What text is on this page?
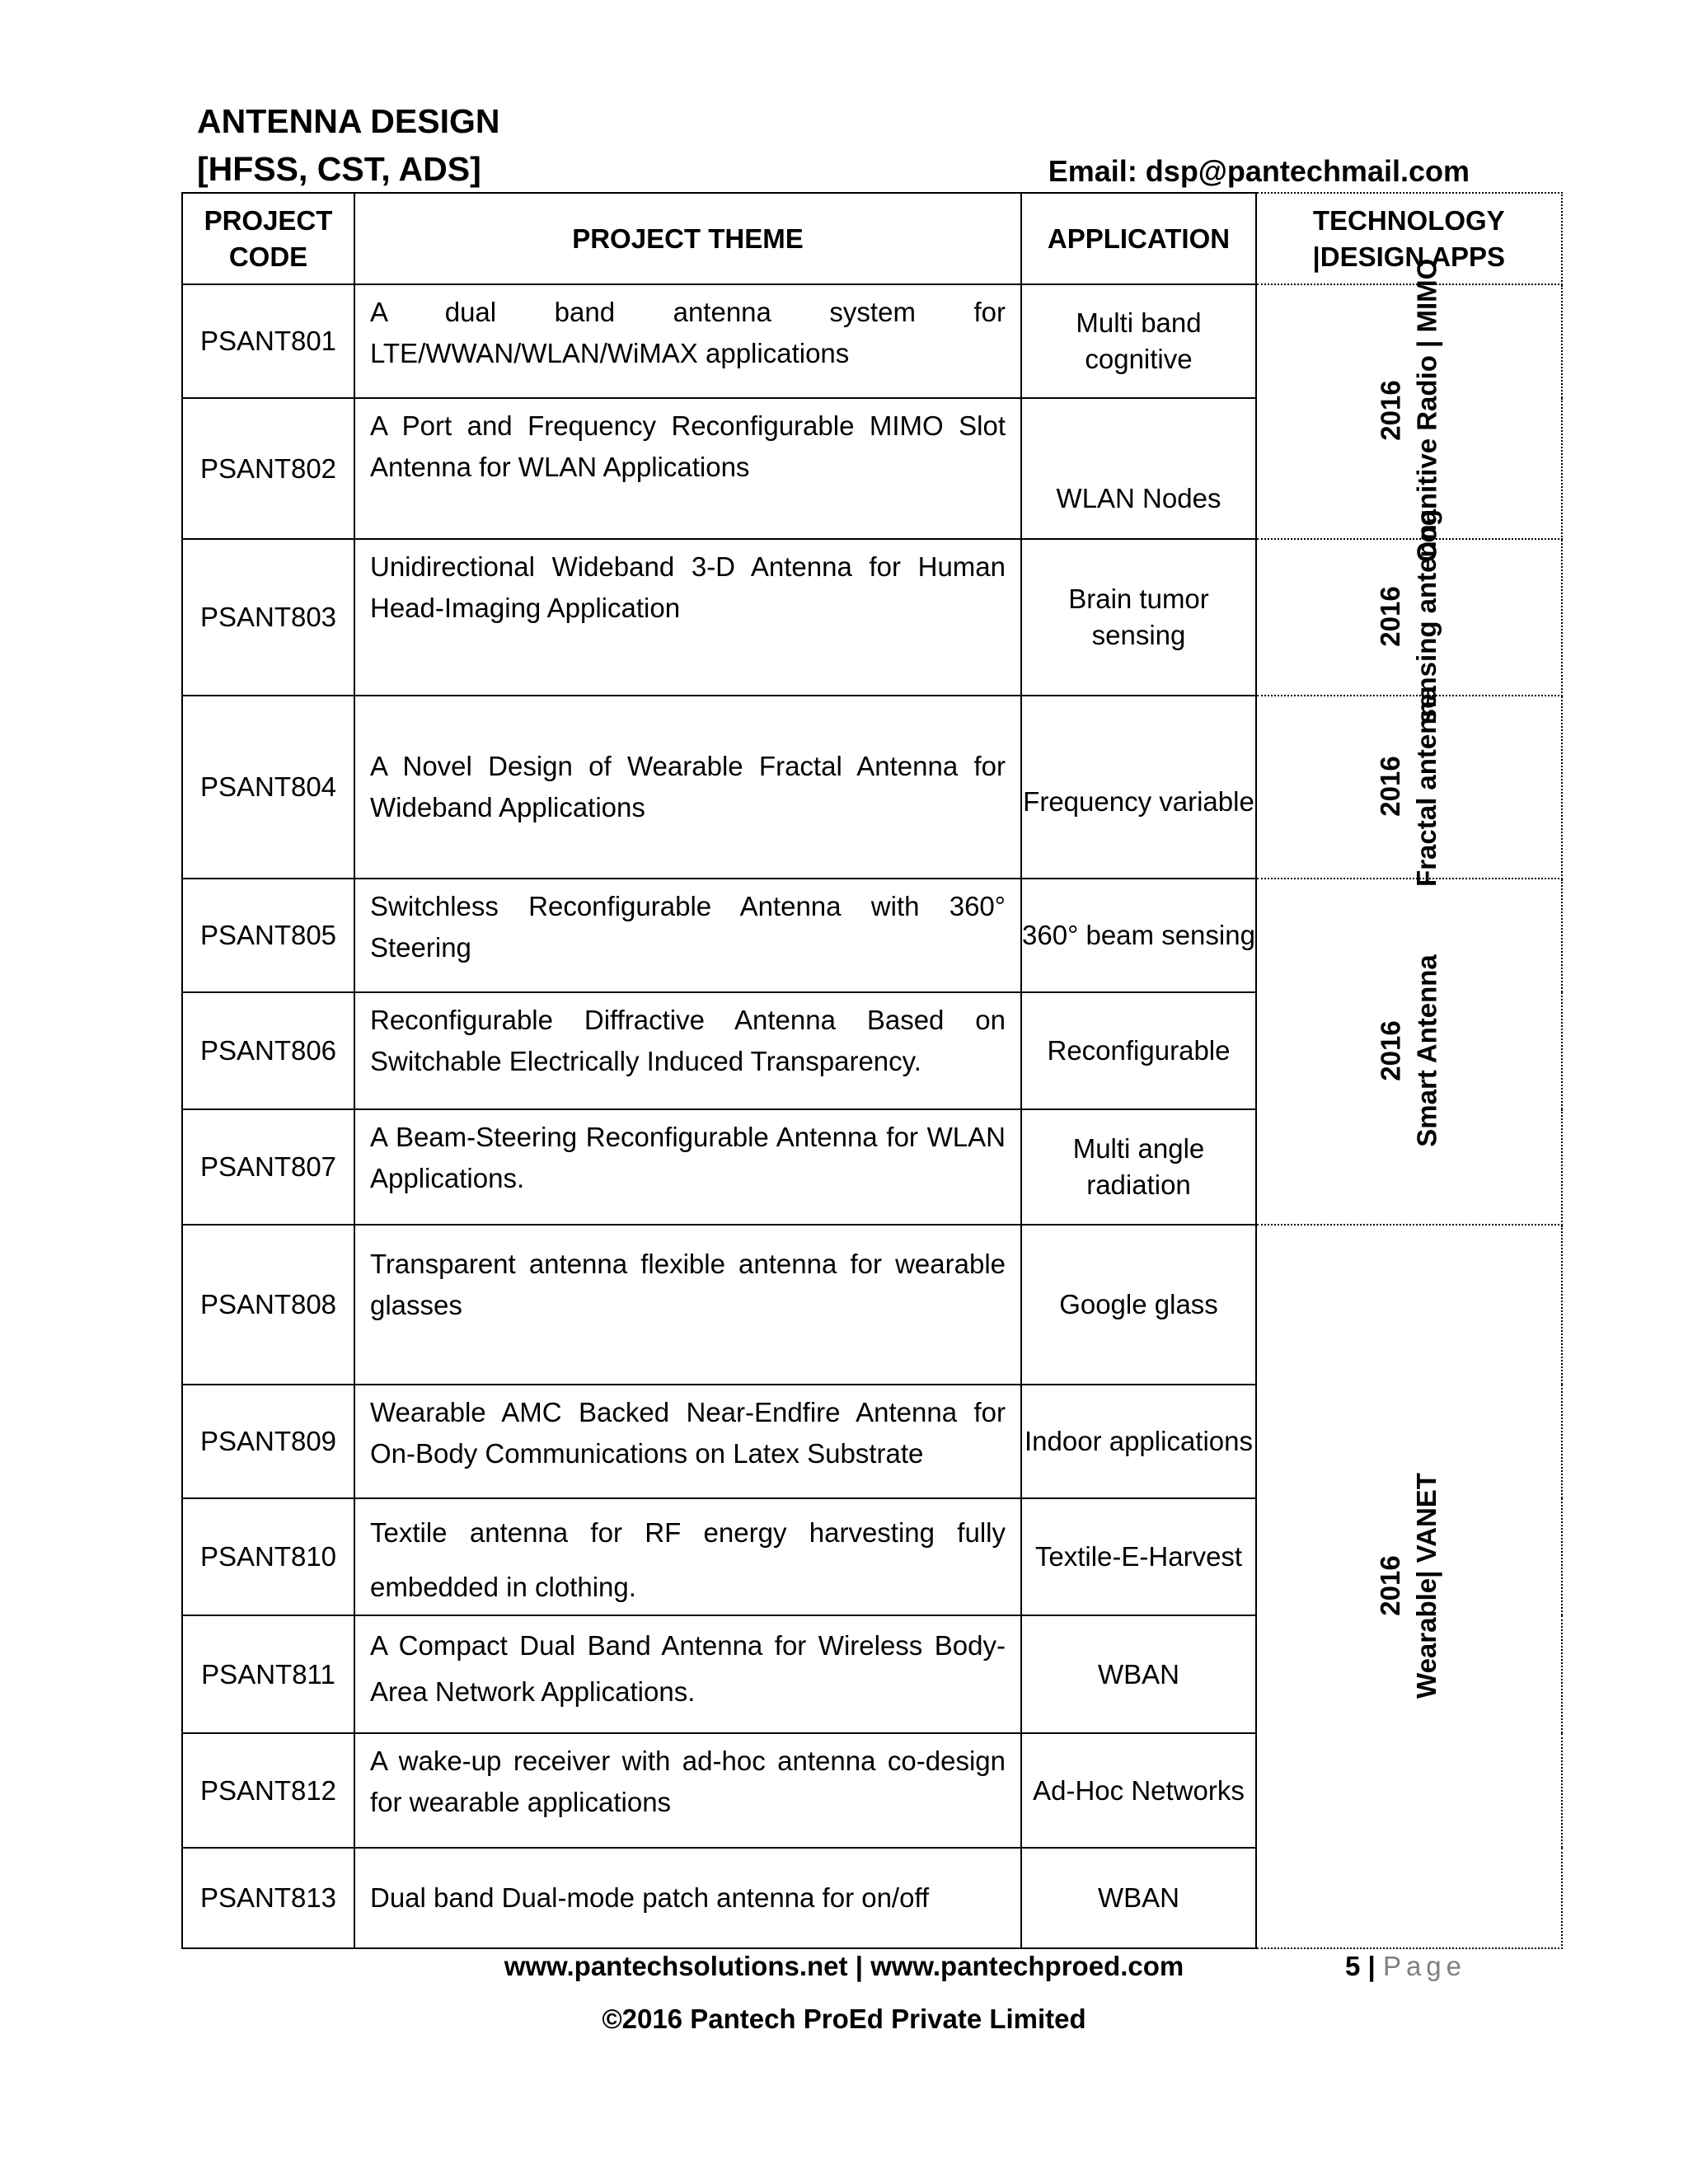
ANTENNA DESIGN
[HFSS, CST, ADS]	Email: dsp@pantechmail.com
PROJECT CODE	PROJECT THEME	APPLICATION	TECHNOLOGY |DESIGN APPS
PSANT801	A dual band antenna system for LTE/WWAN/WLAN/WiMAX applications	Multi band cognitive	2016 Cognitive Radio | MIMO
PSANT802	A Port and Frequency Reconfigurable MIMO Slot Antenna for WLAN Applications	WLAN Nodes	
PSANT803	Unidirectional Wideband 3-D Antenna for Human Head-Imaging Application	Brain tumor sensing	2016 sensing antenna
PSANT804	A Novel Design of Wearable Fractal Antenna for Wideband Applications	Frequency variable	2016 Fractal antenna
PSANT805	Switchless Reconfigurable Antenna with 360° Steering	360° beam sensing	2016 Smart Antenna
PSANT806	Reconfigurable Diffractive Antenna Based on Switchable Electrically Induced Transparency.	Reconfigurable	
PSANT807	A Beam-Steering Reconfigurable Antenna for WLAN Applications.	Multi angle radiation	
PSANT808	Transparent antenna flexible antenna for wearable glasses	Google glass	2016 Wearable| VANET
PSANT809	Wearable AMC Backed Near-Endfire Antenna for On-Body Communications on Latex Substrate	Indoor applications	
PSANT810	Textile antenna for RF energy harvesting fully embedded in clothing.	Textile-E-Harvest	
PSANT811	A Compact Dual Band Antenna for Wireless Body-Area Network Applications.	WBAN	
PSANT812	A wake-up receiver with ad-hoc antenna co-design for wearable applications	Ad-Hoc Networks	
PSANT813	Dual band Dual-mode patch antenna for on/off	WBAN	
www.pantechsolutions.net | www.pantechproed.com	5 | Page
©2016 Pantech ProEd Private Limited
